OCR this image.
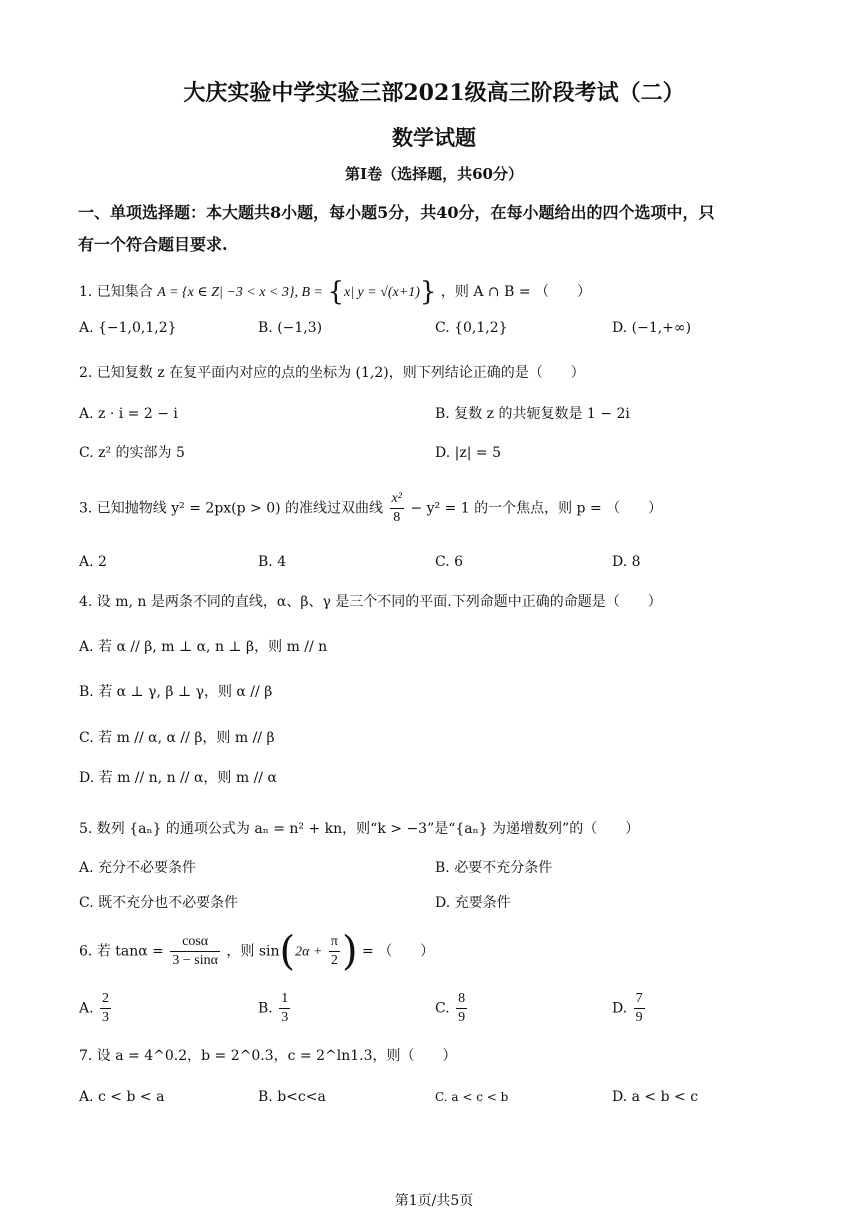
大庆实验中学实验三部2021级高三阶段考试（二）
数学试题
第Ⅰ卷（选择题，共60分）
一、单项选择题：本大题共8小题，每小题5分，共40分，在每小题给出的四个选项中，只
有一个符合题目要求.
1. 已知集合 A = {x ∈ Z| −3 < x < 3}, B = {x| y = √(x+1)} ，则 A ∩ B = （　　）
A. {−1,0,1,2}	B. (−1,3)	C. {0,1,2}	D. (−1,+∞)
2. 已知复数 z 在复平面内对应的点的坐标为 (1,2)，则下列结论正确的是（　　）
A. z · i = 2 − i	B. 复数 z 的共轭复数是 1 − 2i
C. z² 的实部为 5	D. |z| = 5
3. 已知抛物线 y² = 2px(p > 0) 的准线过双曲线 $\frac{\text{x²}}{8} - y^2 = 1$ 的一个焦点，则 p = （　　）
A. 2	B. 4	C. 6	D. 8
4. 设 m, n 是两条不同的直线，α、β、γ 是三个不同的平面.下列命题中正确的命题是（　　）
A. 若 α // β, m ⊥ α, n ⊥ β，则 m // n
B. 若 α ⊥ γ, β ⊥ γ，则 α // β
C. 若 m // α, α // β，则 m // β
D. 若 m // n, n // α，则 m // α
5. 数列 {aₙ} 的通项公式为 aₙ = n² + kn，则“k > −3”是“{aₙ} 为递增数列”的（　　）
A. 充分不必要条件	B. 必要不充分条件
C. 既不充分也不必要条件	D. 充要条件
6. 若 $\tan\alpha = \frac{\cos\alpha}{3 - \sin\alpha}$ ，则 $\sin(2\alpha + \frac{\pi}{2}$ ) = （　　）
A. $\frac{2}{3}$	B. $\frac{1}{3}$	C. $\frac{8}{9}$	D. $\frac{7}{9}$
7. 设 a = 4^0.2，b = 2^0.3，c = 2^ln1.3，则（　　）
A. c < b < a	B. b<c<a	C. a < c < b	D. a < b < c
第1页/共5页
